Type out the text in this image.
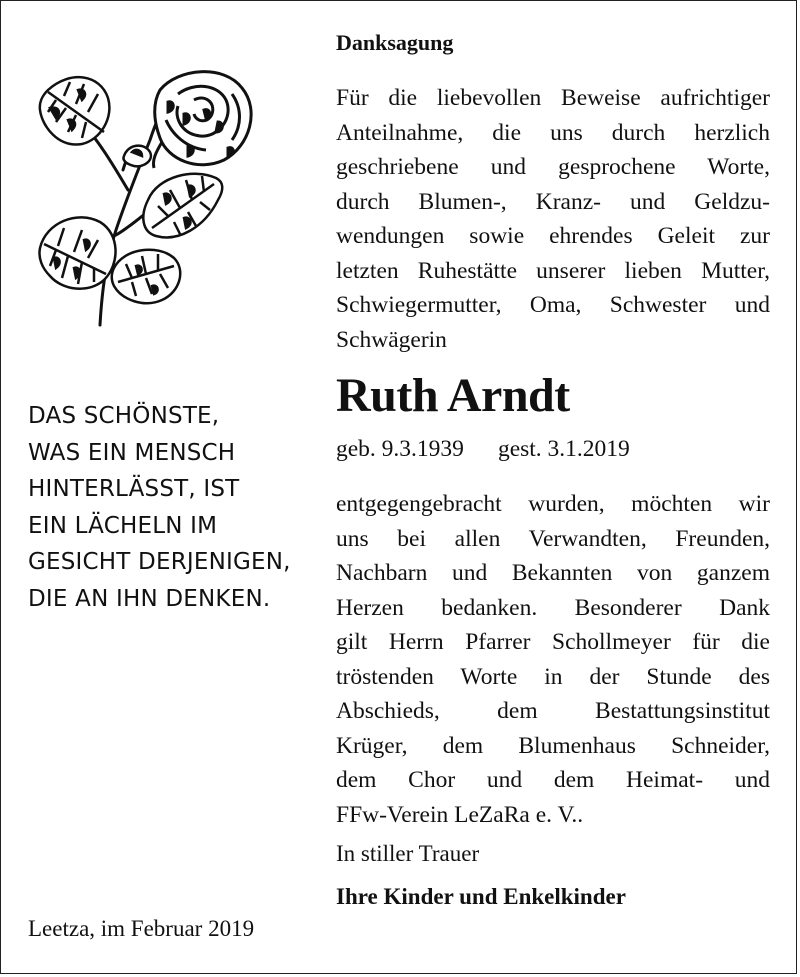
DAS SCHÖNSTE,
WAS EIN MENSCH
HINTERLÄSST, IST
EIN LÄCHELN IM
GESICHT DERJENIGEN,
DIE AN IHN DENKEN.
Leetza, im Februar 2019
Danksagung
Für die liebevollen Beweise aufrichtiger
Anteilnahme, die uns durch herzlich
geschriebene und gesprochene Worte,
durch Blumen-, Kranz- und Geldzu-
wendungen sowie ehrendes Geleit zur
letzten Ruhestätte unserer lieben Mutter,
Schwiegermutter, Oma, Schwester und
Schwägerin
Ruth Arndt
geb. 9.3.1939 gest. 3.1.2019
entgegengebracht wurden, möchten wir
uns bei allen Verwandten, Freunden,
Nachbarn und Bekannten von ganzem
Herzen bedanken. Besonderer Dank
gilt Herrn Pfarrer Schollmeyer für die
tröstenden Worte in der Stunde des
Abschieds, dem Bestattungsinstitut
Krüger, dem Blumenhaus Schneider,
dem Chor und dem Heimat- und
FFw-Verein LeZaRa e. V..
In stiller Trauer
Ihre Kinder und Enkelkinder
